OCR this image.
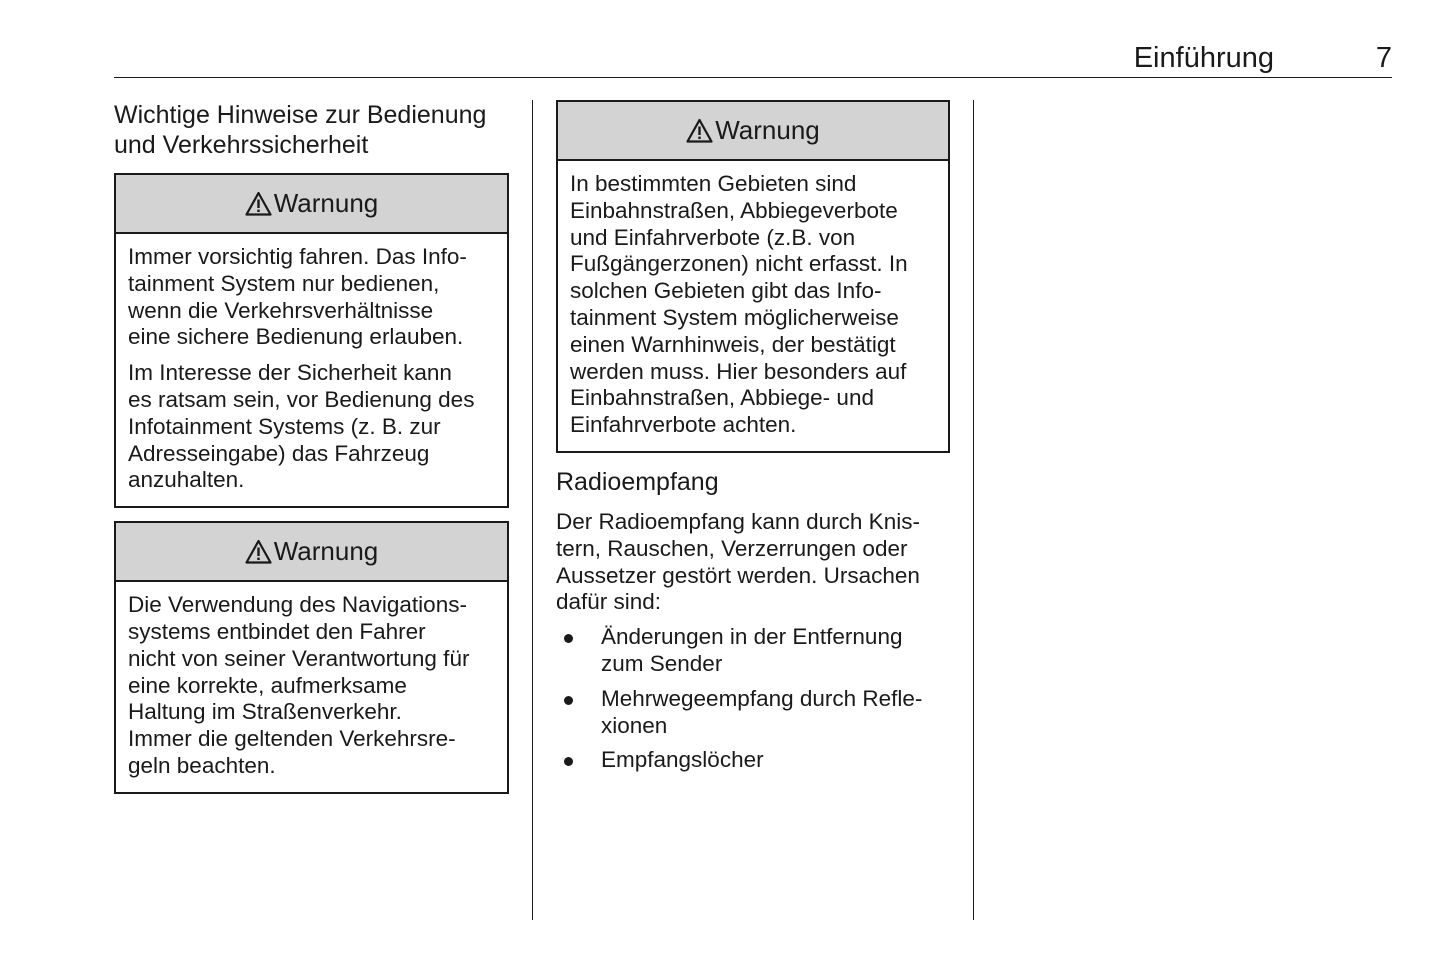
Einführung	7
Wichtige Hinweise zur Bedienung
und Verkehrssicherheit
Warnung

Immer vorsichtig fahren. Das Info-
tainment System nur bedienen,
wenn die Verkehrsverhältnisse
eine sichere Bedienung erlauben.

Im Interesse der Sicherheit kann
es ratsam sein, vor Bedienung des
Infotainment Systems (z. B. zur
Adresseingabe) das Fahrzeug
anzuhalten.

Warnung

Die Verwendung des Navigations-
systems entbindet den Fahrer
nicht von seiner Verantwortung für
eine korrekte, aufmerksame
Haltung im Straßenverkehr.
Immer die geltenden Verkehrsre-
geln beachten.

Warnung

In bestimmten Gebieten sind
Einbahnstraßen, Abbiegeverbote
und Einfahrverbote (z.B. von
Fußgängerzonen) nicht erfasst. In
solchen Gebieten gibt das Info-
tainment System möglicherweise
einen Warnhinweis, der bestätigt
werden muss. Hier besonders auf
Einbahnstraßen, Abbiege- und
Einfahrverbote achten.

Radioempfang

Der Radioempfang kann durch Knis-
tern, Rauschen, Verzerrungen oder
Aussetzer gestört werden. Ursachen
dafür sind:

Änderungen in der Entfernung
zum Sender
Mehrwegeempfang durch Refle-
xionen
Empfangslöcher
